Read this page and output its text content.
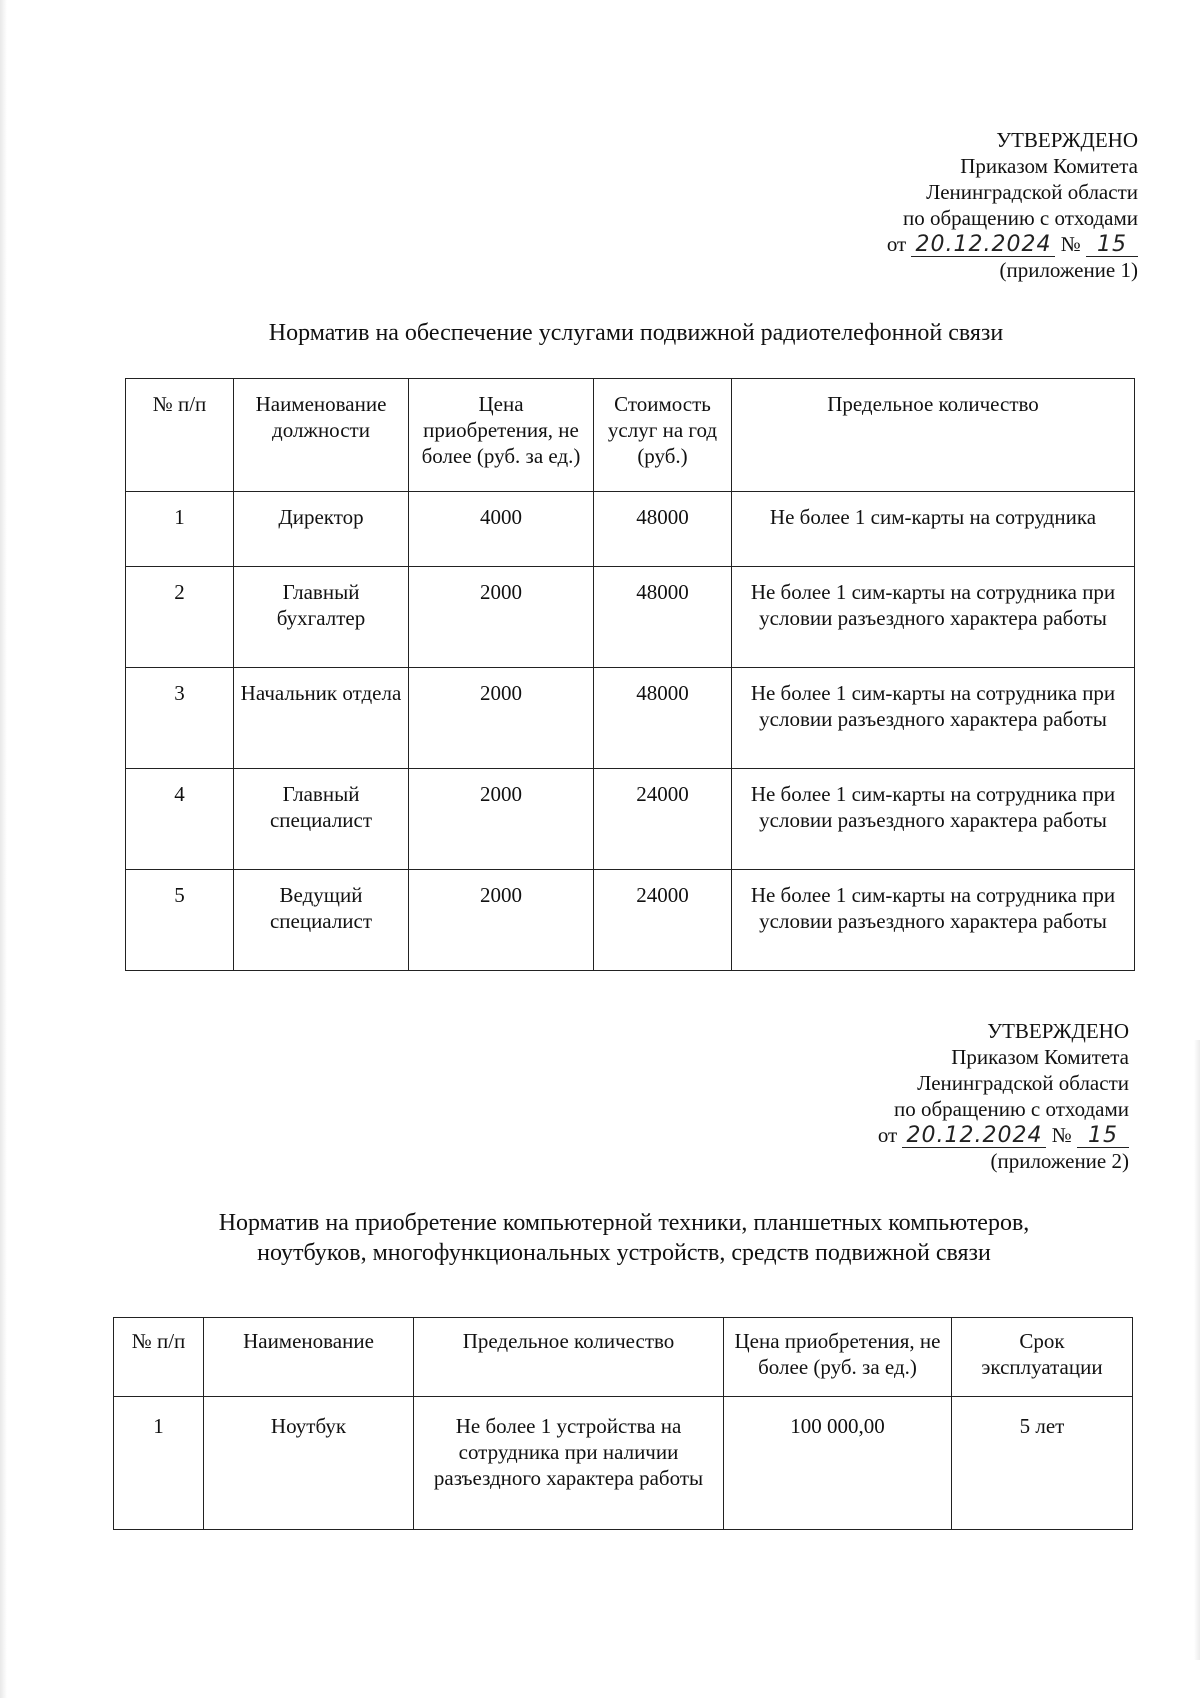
УТВЕРЖДЕНО
Приказом Комитета
Ленинградской области
по обращению с отходами
от 20.12.2024 № 15
(приложение 1)
Норматив на обеспечение услугами подвижной радиотелефонной связи
№ п/п	Наименование должности	Цена приобретения, не более (руб. за ед.)	Стоимость услуг на год (руб.)	Предельное количество
1	Директор	4000	48000	Не более 1 сим-карты на сотрудника
2	Главный бухгалтер	2000	48000	Не более 1 сим-карты на сотрудника при условии разъездного характера работы
3	Начальник отдела	2000	48000	Не более 1 сим-карты на сотрудника при условии разъездного характера работы
4	Главный специалист	2000	24000	Не более 1 сим-карты на сотрудника при условии разъездного характера работы
5	Ведущий специалист	2000	24000	Не более 1 сим-карты на сотрудника при условии разъездного характера работы
УТВЕРЖДЕНО
Приказом Комитета
Ленинградской области
по обращению с отходами
от 20.12.2024 № 15
(приложение 2)
Норматив на приобретение компьютерной техники, планшетных компьютеров,
ноутбуков, многофункциональных устройств, средств подвижной связи
№ п/п	Наименование	Предельное количество	Цена приобретения, не более (руб. за ед.)	Срок эксплуатации
1	Ноутбук	Не более 1 устройства на сотрудника при наличии разъездного характера работы	100 000,00	5 лет
